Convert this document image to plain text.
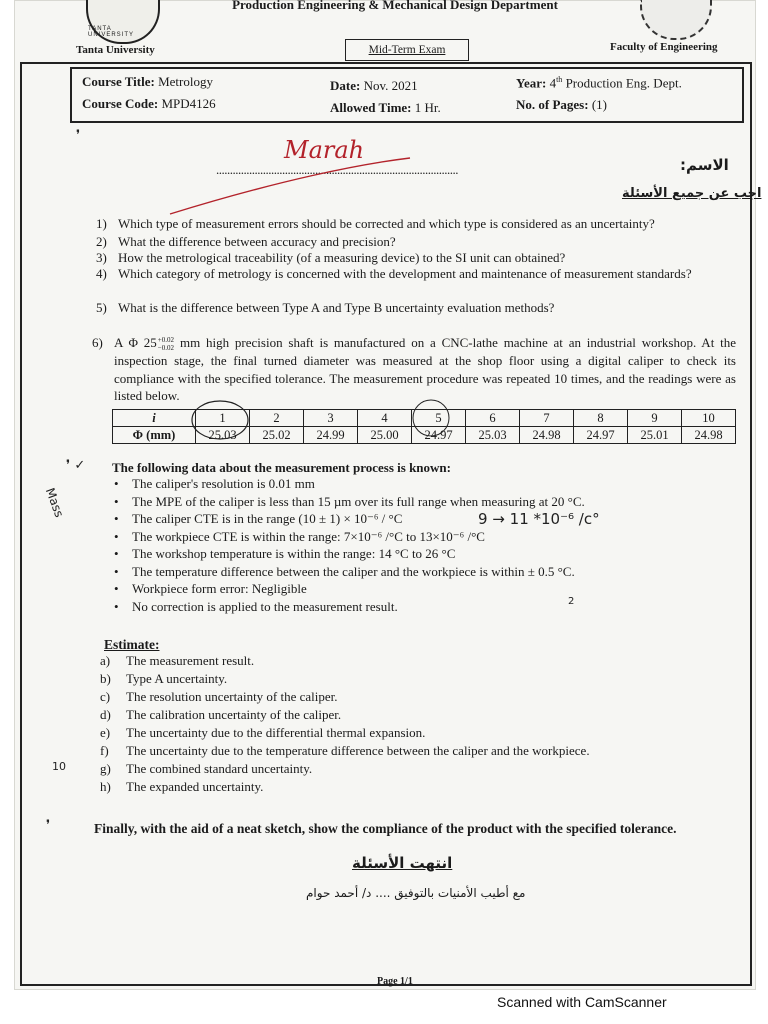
TANTA UNIVERSITY
Production Engineering & Mechanical Design Department
Tanta University	Mid-Term Exam	Faculty of Engineering
Course Title: Metrology
Course Code: MPD4126
Date: Nov. 2021
Allowed Time: 1 Hr.
Year: 4th Production Eng. Dept.
No. of Pages: (1)
❜
........................................................................................	الاسم:
Marah
اجب عن جميع الأسئلة
1) Which type of measurement errors should be corrected and which type is considered as an uncertainty?
2) What the difference between accuracy and precision?
3) How the metrological traceability (of a measuring device) to the SI unit can obtained?
4) Which category of metrology is concerned with the development and maintenance of measurement standards?
5) What is the difference between Type A and Type B uncertainty evaluation methods?
6) A Φ 25 +0.02
−0.02 mm high precision shaft is manufactured on a CNC-lathe machine at an industrial workshop. At the inspection stage, the final turned diameter was measured at the shop floor using a digital caliper to check its compliance with the specified tolerance. The measurement procedure was repeated 10 times, and the readings were as listed below.
i	1	2	3	4	5	6	7	8	9	10
Φ (mm)	25.03	25.02	24.99	25.00	24.97	25.03	24.98	24.97	25.01	24.98
❜ ✓ The following data about the measurement process is known:
• The caliper's resolution is 0.01 mm
• The MPE of the caliper is less than 15 µm over its full range when measuring at 20 °C.
• The caliper CTE is in the range (10 ± 1) × 10⁻⁶ / °C
• The workpiece CTE is within the range: 7×10⁻⁶ /°C to 13×10⁻⁶ /°C
• The workshop temperature is within the range: 14 °C to 26 °C
• The temperature difference between the caliper and the workpiece is within ± 0.5 °C.
• Workpiece form error: Negligible
• No correction is applied to the measurement result.
9 → 11 *10⁻⁶ /c°
Mass
2
Estimate:
a) The measurement result.
b) Type A uncertainty.
c) The resolution uncertainty of the caliper.
d) The calibration uncertainty of the caliper.
e) The uncertainty due to the differential thermal expansion.
f) The uncertainty due to the temperature difference between the caliper and the workpiece.
g) The combined standard uncertainty.
h) The expanded uncertainty.
10
❜	Finally, with the aid of a neat sketch, show the compliance of the product with the specified tolerance.
انتهت الأسئلة
مع أطيب الأمنيات بالتوفيق .... د/ أحمد حوام
Page 1/1
Scanned with CamScanner
